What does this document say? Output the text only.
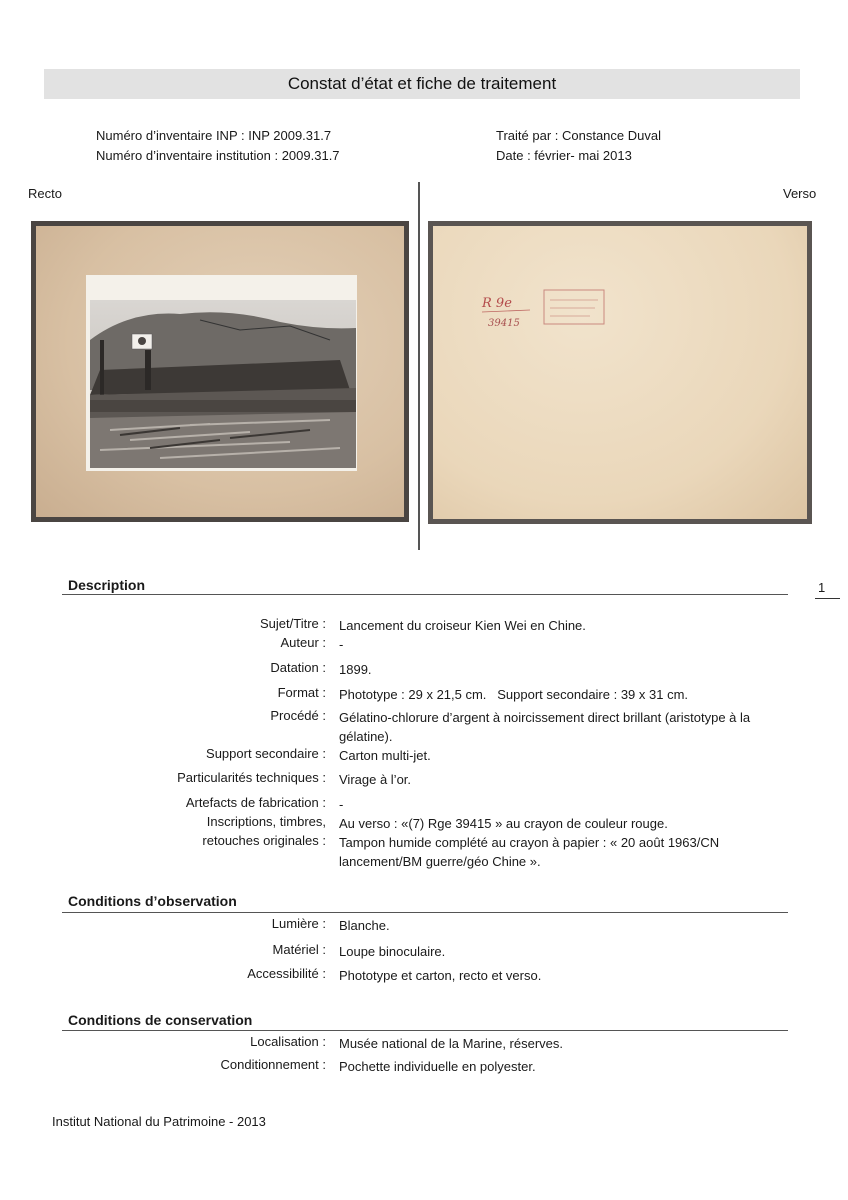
Constat d’état et fiche de traitement
Numéro d’inventaire INP : INP 2009.31.7
Numéro d’inventaire institution : 2009.31.7
Traité par : Constance Duval
Date : février- mai 2013
Recto	Verso
R 9e
39415
1
Description
Sujet/Titre : Lancement du croiseur Kien Wei en Chine.
Auteur : -
Datation : 1899.
Format : Phototype : 29 x 21,5 cm.   Support secondaire : 39 x 31 cm.
Procédé : Gélatino-chlorure d’argent à noircissement direct brillant (aristotype à la gélatine).
Support secondaire : Carton multi-jet.
Particularités techniques : Virage à l’or.
Artefacts de fabrication : -
Inscriptions, timbres, Au verso : «(7) Rge 39415 » au crayon de couleur rouge.
retouches originales : Tampon humide complété au crayon à papier : « 20 août 1963/CN lancement/BM guerre/géo Chine ».
Conditions d’observation
Lumière : Blanche.
Matériel : Loupe binoculaire.
Accessibilité : Phototype et carton, recto et verso.
Conditions de conservation
Localisation : Musée national de la Marine, réserves.
Conditionnement : Pochette individuelle en polyester.
Institut National du Patrimoine - 2013
